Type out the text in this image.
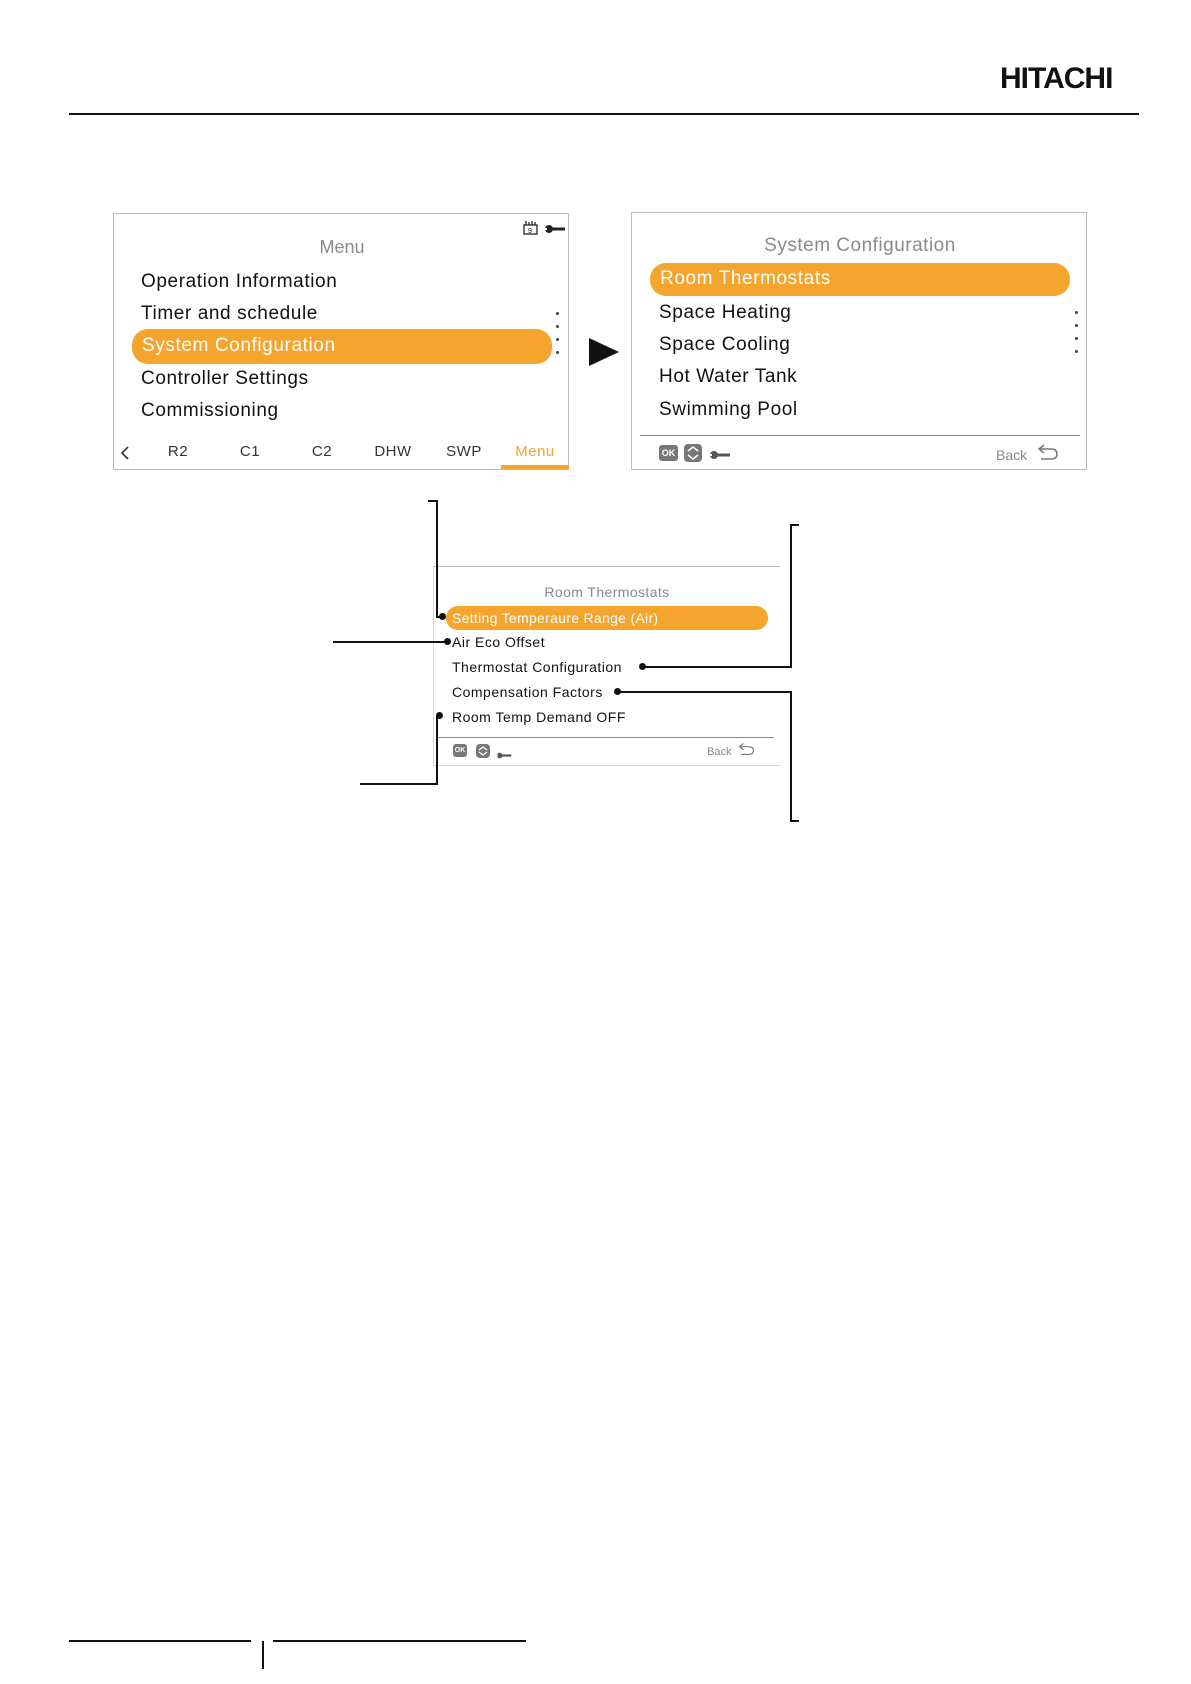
HITACHI
9
Menu
Operation Information
Timer and schedule
System Configuration
Controller Settings
Commissioning
R2	C1	C2	DHW	SWP	Menu
System Configuration
Room Thermostats
Space Heating
Space Cooling
Hot Water Tank
Swimming Pool
OK	Back
Room Thermostats
Setting Temperaure Range (Air)
Air Eco Offset
Thermostat Configuration
Compensation Factors
Room Temp Demand OFF
OK	Back
